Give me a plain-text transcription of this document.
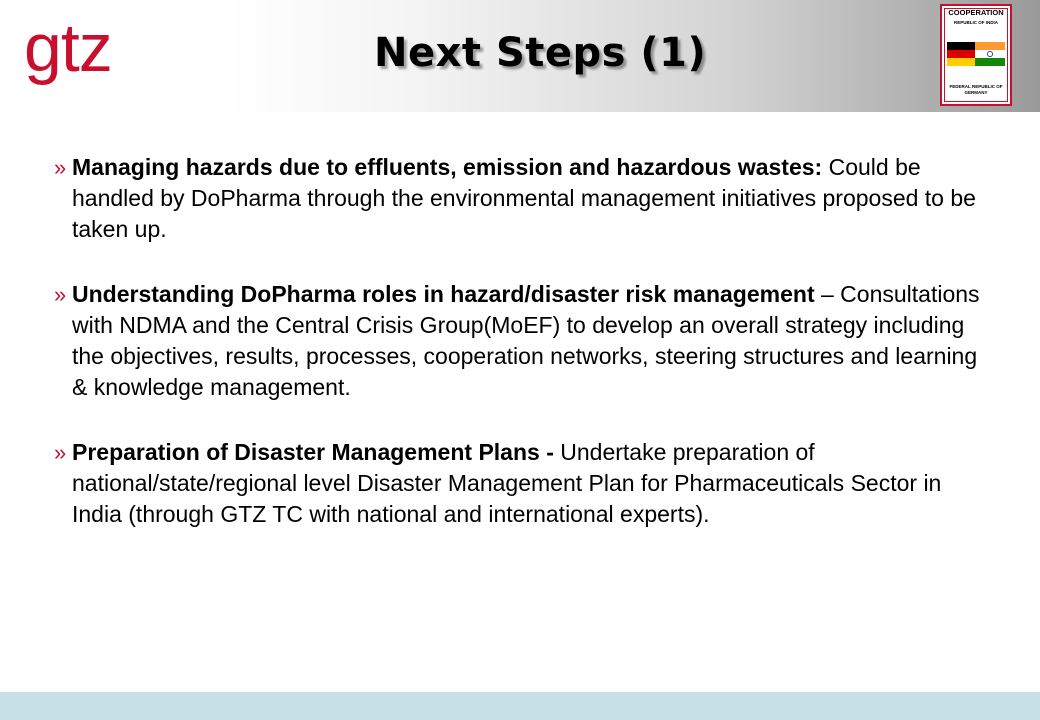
gtz	Next Steps (1)
COOPERATION
REPUBLIC OF INDIA
FEDERAL REPUBLIC OF GERMANY
» Managing hazards due to effluents, emission and hazardous wastes: Could be handled by DoPharma through the environmental management initiatives proposed to be taken up.
» Understanding DoPharma roles in hazard/disaster risk management – Consultations with NDMA and the Central Crisis Group(MoEF) to develop an overall strategy including the objectives, results, processes, cooperation networks, steering structures and learning & knowledge management.
» Preparation of Disaster Management Plans - Undertake preparation of national/state/regional level Disaster Management Plan for Pharmaceuticals Sector in India (through GTZ TC with national and international experts).
